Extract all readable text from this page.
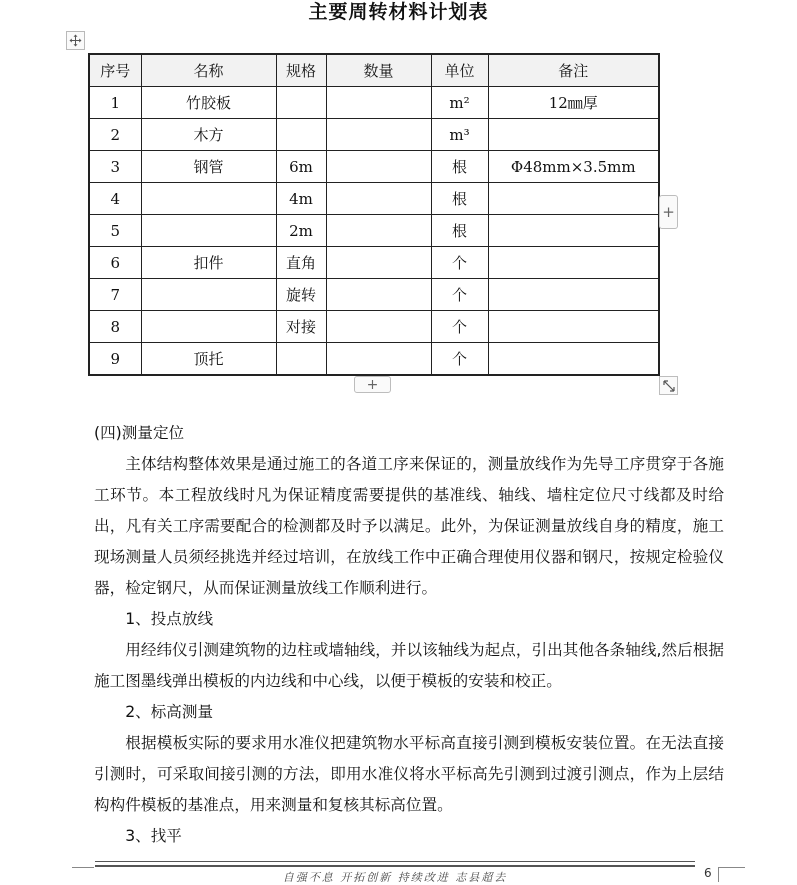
主要周转材料计划表
序号	名称	规格	数量	单位	备注
1	竹胶板			m²	12㎜厚
2	木方			m³	
3	钢管	6m		根	Φ48mm×3.5mm
4		4m		根	
5		2m		根	
6	扣件	直角		个	
7		旋转		个	
8		对接		个	
9	顶托			个	
+
+

(四)测量定位

主体结构整体效果是通过施工的各道工序来保证的，测量放线作为先导工序贯穿于各施工环节。本工程放线时凡为保证精度需要提供的基准线、轴线、墙柱定位尺寸线都及时给出，凡有关工序需要配合的检测都及时予以满足。此外，为保证测量放线自身的精度，施工现场测量人员须经挑选并经过培训，在放线工作中正确合理使用仪器和钢尺，按规定检验仪器，检定钢尺，从而保证测量放线工作顺利进行。

1、投点放线

用经纬仪引测建筑物的边柱或墙轴线，并以该轴线为起点，引出其他各条轴线,然后根据施工图墨线弹出模板的内边线和中心线，以便于模板的安装和校正。

2、标高测量

根据模板实际的要求用水准仪把建筑物水平标高直接引测到模板安装位置。在无法直接引测时，可采取间接引测的方法，即用水准仪将水平标高先引测到过渡引测点，作为上层结构构件模板的基准点，用来测量和复核其标高位置。

3、找平

自强不息 开拓创新 持续改进 志县超去	6
